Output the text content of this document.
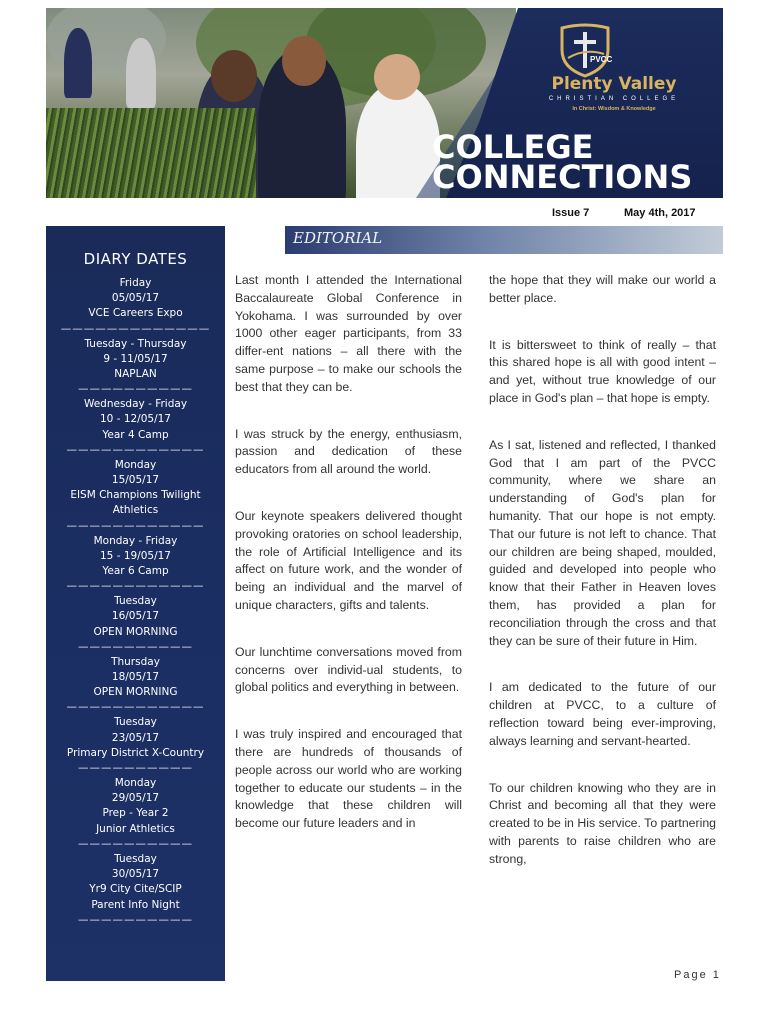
PVCC
Plenty Valley
CHRISTIAN COLLEGE
In Christ: Wisdom & Knowledge
COLLEGE
CONNECTIONS
Issue 7	May 4th, 2017
DIARY DATES
Friday
05/05/17
VCE Careers Expo
—————————————
Tuesday - Thursday
9 - 11/05/17
NAPLAN
——————————
Wednesday - Friday
10 - 12/05/17
Year 4 Camp
————————————
Monday
15/05/17
EISM Champions Twilight
Athletics
————————————
Monday - Friday
15 - 19/05/17
Year 6 Camp
————————————
Tuesday
16/05/17
OPEN MORNING
——————————
Thursday
18/05/17
OPEN MORNING
————————————
Tuesday
23/05/17
Primary District X-Country
——————————
Monday
29/05/17
Prep - Year 2
Junior Athletics
——————————
Tuesday
30/05/17
Yr9 City Cite/SCIP
Parent Info Night
——————————
EDITORIAL

Last month I attended the International Baccalaureate Global Conference in Yokohama. I was surrounded by over 1000 other eager participants, from 33 differ-ent nations – all there with the same purpose – to make our schools the best that they can be.

I was struck by the energy, enthusiasm, passion and dedication of these educators from all around the world.

Our keynote speakers delivered thought provoking oratories on school leadership, the role of Artificial Intelligence and its affect on future work, and the wonder of being an individual and the marvel of unique characters, gifts and talents.

Our lunchtime conversations moved from concerns over individ-ual students, to global politics and everything in between.

I was truly inspired and encouraged that there are hundreds of thousands of people across our world who are working together to educate our students – in the knowledge that these children will become our future leaders and in

the hope that they will make our world a better place.

It is bittersweet to think of really – that this shared hope is all with good intent – and yet, without true knowledge of our place in God's plan – that hope is empty.

As I sat, listened and reflected, I thanked God that I am part of the PVCC community, where we share an understanding of God's plan for humanity. That our hope is not empty. That our future is not left to chance. That our children are being shaped, moulded, guided and developed into people who know that their Father in Heaven loves them, has provided a plan for reconciliation through the cross and that they can be sure of their future in Him.

I am dedicated to the future of our children at PVCC, to a culture of reflection toward being ever-improving, always learning and servant-hearted.

To our children knowing who they are in Christ and becoming all that they were created to be in His service. To partnering with parents to raise children who are strong,

Page 1
